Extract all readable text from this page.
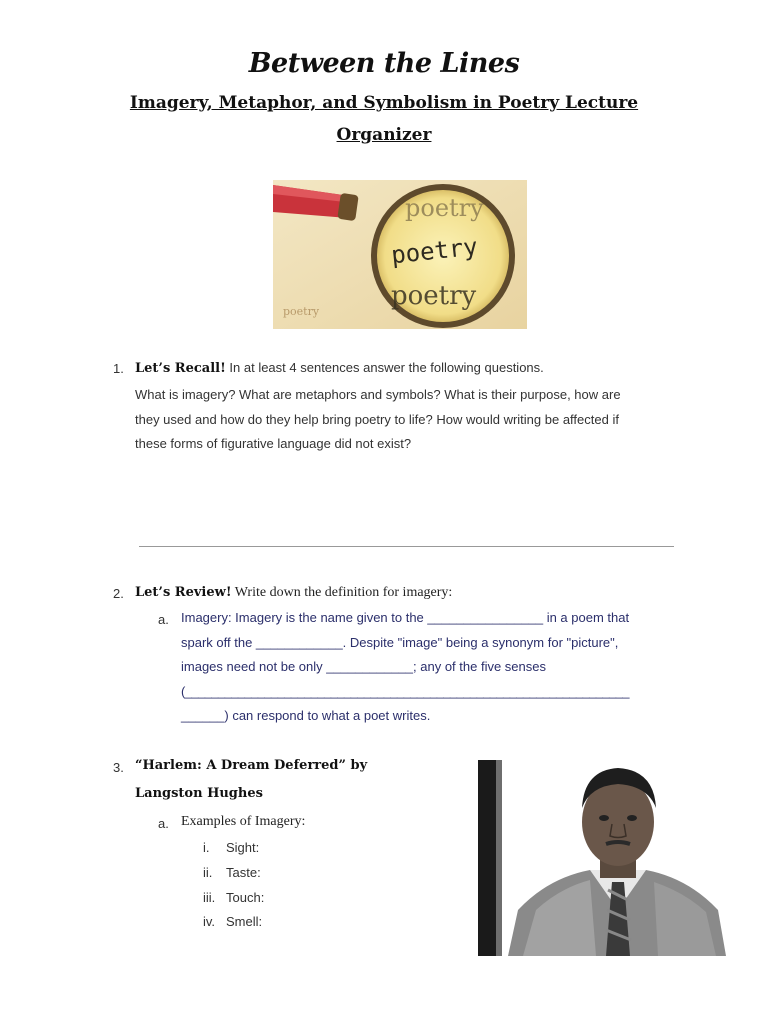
Between the Lines
Imagery, Metaphor, and Symbolism in Poetry Lecture
Organizer
poetry
poetry
poetry
poetry
1. Let’s Recall! In at least 4 sentences answer the following questions.
What is imagery? What are metaphors and symbols? What is their purpose, how are
they used and how do they help bring poetry to life? How would writing be affected if
these forms of figurative language did not exist?
2. Let’s Review! Write down the definition for imagery:
a. Imagery: Imagery is the name given to the ________________ in a poem that
spark off the ____________. Despite "image" being a synonym for "picture",
images need not be only ____________; any of the five senses
(___________________________________________________________________
______) can respond to what a poet writes.
3. “Harlem: A Dream Deferred” by
Langston Hughes
a. Examples of Imagery:
i. Sight:
ii. Taste:
iii. Touch:
iv. Smell:
